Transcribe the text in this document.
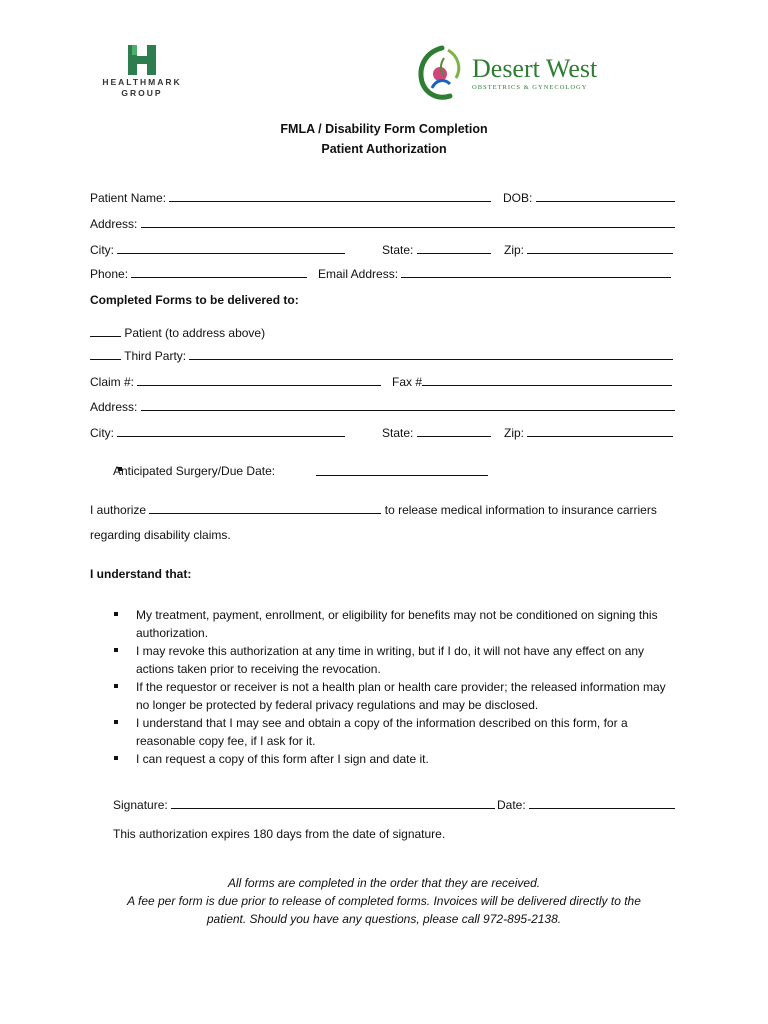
HEALTHMARK
GROUP
Desert West
OBSTETRICS & GYNECOLOGY
FMLA / Disability Form Completion
Patient Authorization
Patient Name:	DOB:
Address:
City:	State:	Zip:
Phone:	Email Address:
Completed Forms to be delivered to:
Patient (to address above)
Third Party:
Claim #:	Fax #
Address:
City:	State:	Zip:
Anticipated Surgery/Due Date:
I authorize	to release medical information to insurance carriers
regarding disability claims.
I understand that:
My treatment, payment, enrollment, or eligibility for benefits may not be conditioned on signing this authorization.
I may revoke this authorization at any time in writing, but if I do, it will not have any effect on any actions taken prior to receiving the revocation.
If the requestor or receiver is not a health plan or health care provider; the released information may no longer be protected by federal privacy regulations and may be disclosed.
I understand that I may see and obtain a copy of the information described on this form, for a reasonable copy fee, if I ask for it.
I can request a copy of this form after I sign and date it.
Signature:	Date:
This authorization expires 180 days from the date of signature.
All forms are completed in the order that they are received.
A fee per form is due prior to release of completed forms. Invoices will be delivered directly to the
patient. Should you have any questions, please call 972-895-2138.
